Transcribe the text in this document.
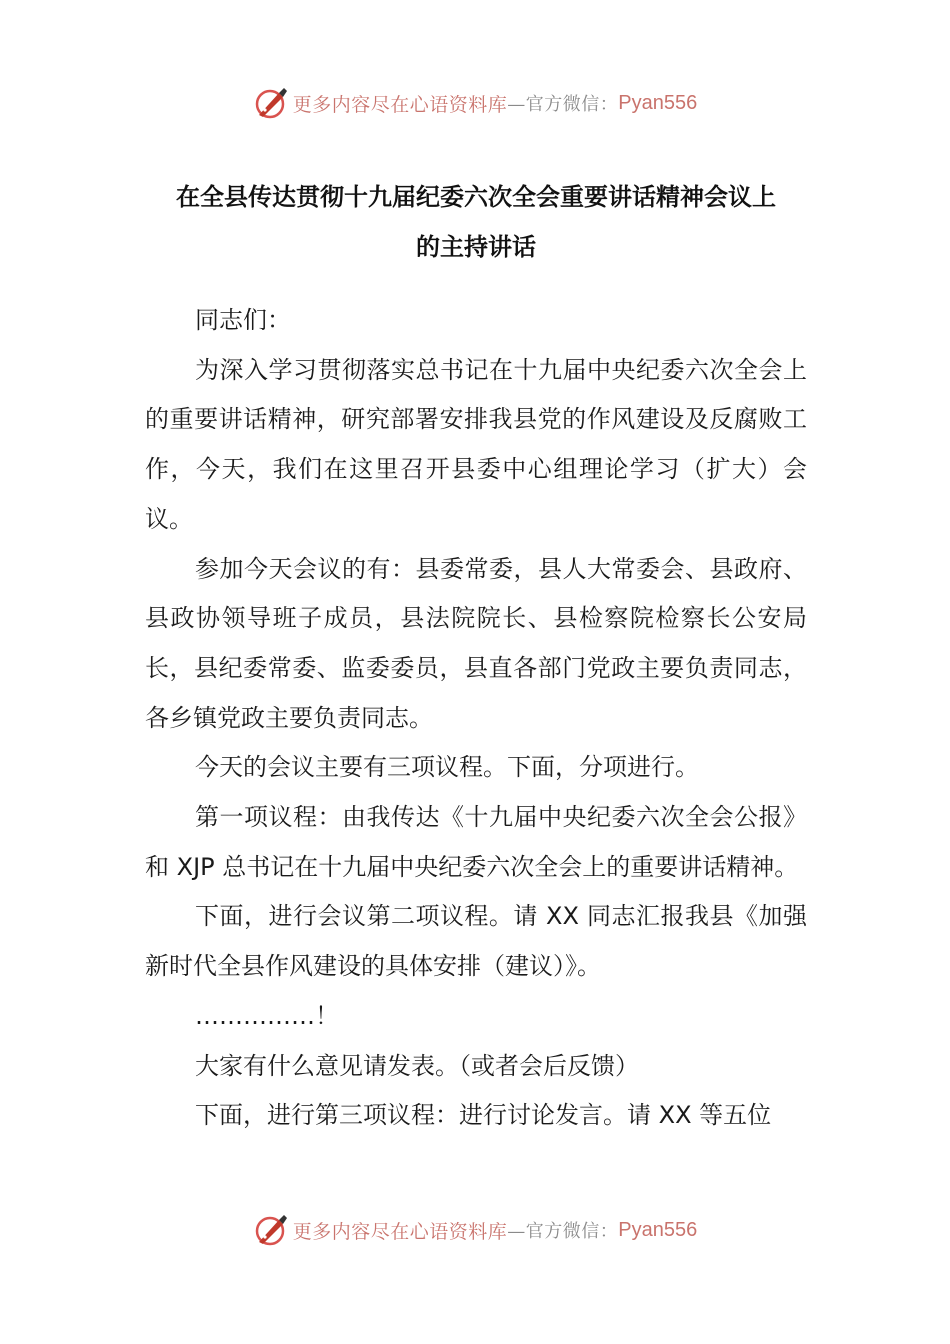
更多内容尽在心语资料库 —官方微信： Pyan556
在全县传达贯彻十九届纪委六次全会重要讲话精神会议上
的主持讲话

同志们：

为深入学习贯彻落实总书记在十九届中央纪委六次全会上的重要讲话精神，研究部署安排我县党的作风建设及反腐败工作，今天，我们在这里召开县委中心组理论学习（扩大）会议。

参加今天会议的有：县委常委，县人大常委会、县政府、县政协领导班子成员，县法院院长、县检察院检察长公安局长，县纪委常委、监委委员，县直各部门党政主要负责同志，各乡镇党政主要负责同志。

今天的会议主要有三项议程。下面，分项进行。

第一项议程：由我传达《十九届中央纪委六次全会公报》和 XJP 总书记在十九届中央纪委六次全会上的重要讲话精神。

下面，进行会议第二项议程。请 XX 同志汇报我县《加强新时代全县作风建设的具体安排（建议）》。

……………！

大家有什么意见请发表。（或者会后反馈）

下面，进行第三项议程：进行讨论发言。请 XX 等五位

更多内容尽在心语资料库 —官方微信： Pyan556
